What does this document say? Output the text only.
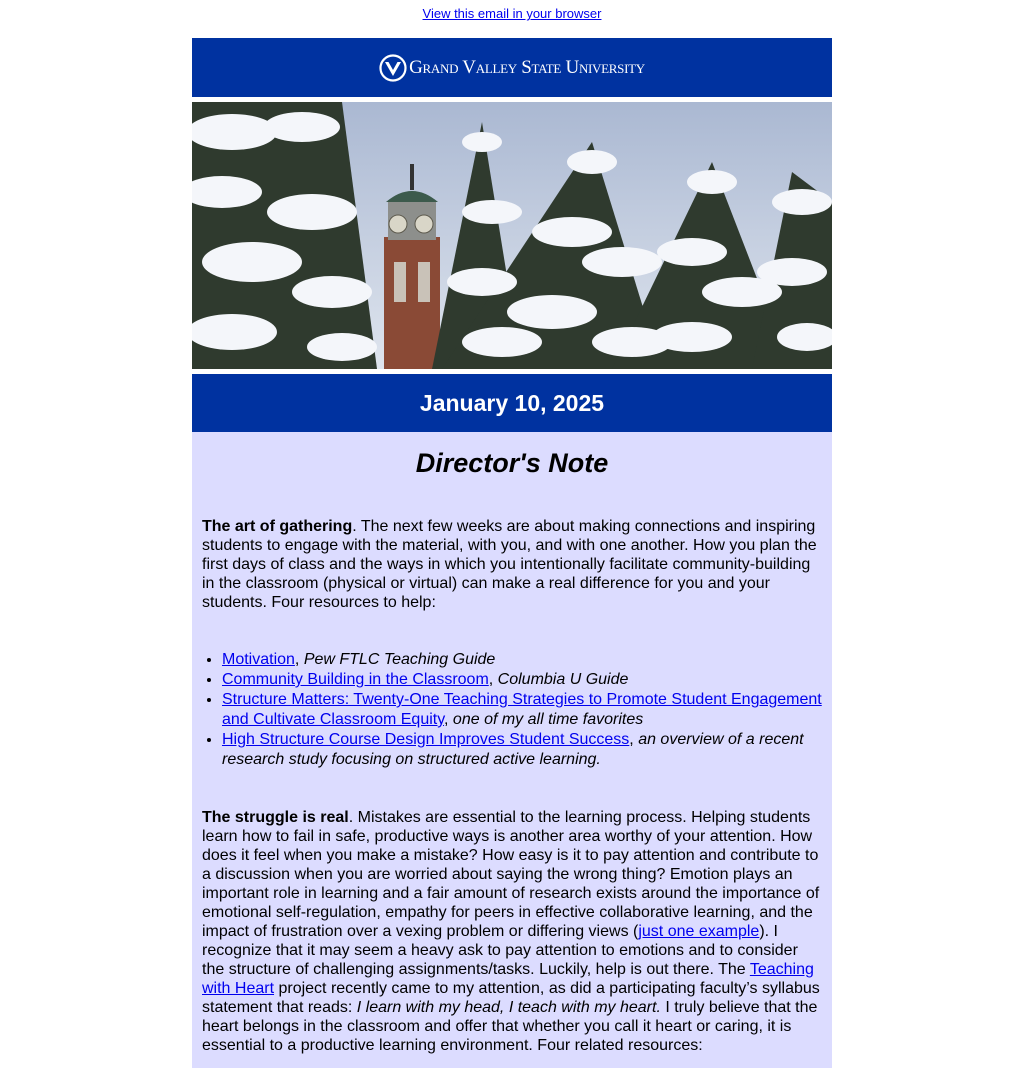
View this email in your browser
Grand Valley State University
January 10, 2025
Director's Note

The art of gathering. The next few weeks are about making connections and inspiring students to engage with the material, with you, and with one another. How you plan the first days of class and the ways in which you intentionally facilitate community-building in the classroom (physical or virtual) can make a real difference for you and your students. Four resources to help:

• Motivation, Pew FTLC Teaching Guide
• Community Building in the Classroom, Columbia U Guide
• Structure Matters: Twenty-One Teaching Strategies to Promote Student Engagement and Cultivate Classroom Equity, one of my all time favorites
• High Structure Course Design Improves Student Success, an overview of a recent research study focusing on structured active learning.

The struggle is real. Mistakes are essential to the learning process. Helping students learn how to fail in safe, productive ways is another area worthy of your attention. How does it feel when you make a mistake? How easy is it to pay attention and contribute to a discussion when you are worried about saying the wrong thing? Emotion plays an important role in learning and a fair amount of research exists around the importance of emotional self-regulation, empathy for peers in effective collaborative learning, and the impact of frustration over a vexing problem or differing views (just one example). I recognize that it may seem a heavy ask to pay attention to emotions and to consider the structure of challenging assignments/tasks. Luckily, help is out there. The Teaching with Heart project recently came to my attention, as did a participating faculty’s syllabus statement that reads: I learn with my head, I teach with my heart. I truly believe that the heart belongs in the classroom and offer that whether you call it heart or caring, it is essential to a productive learning environment. Four related resources:
